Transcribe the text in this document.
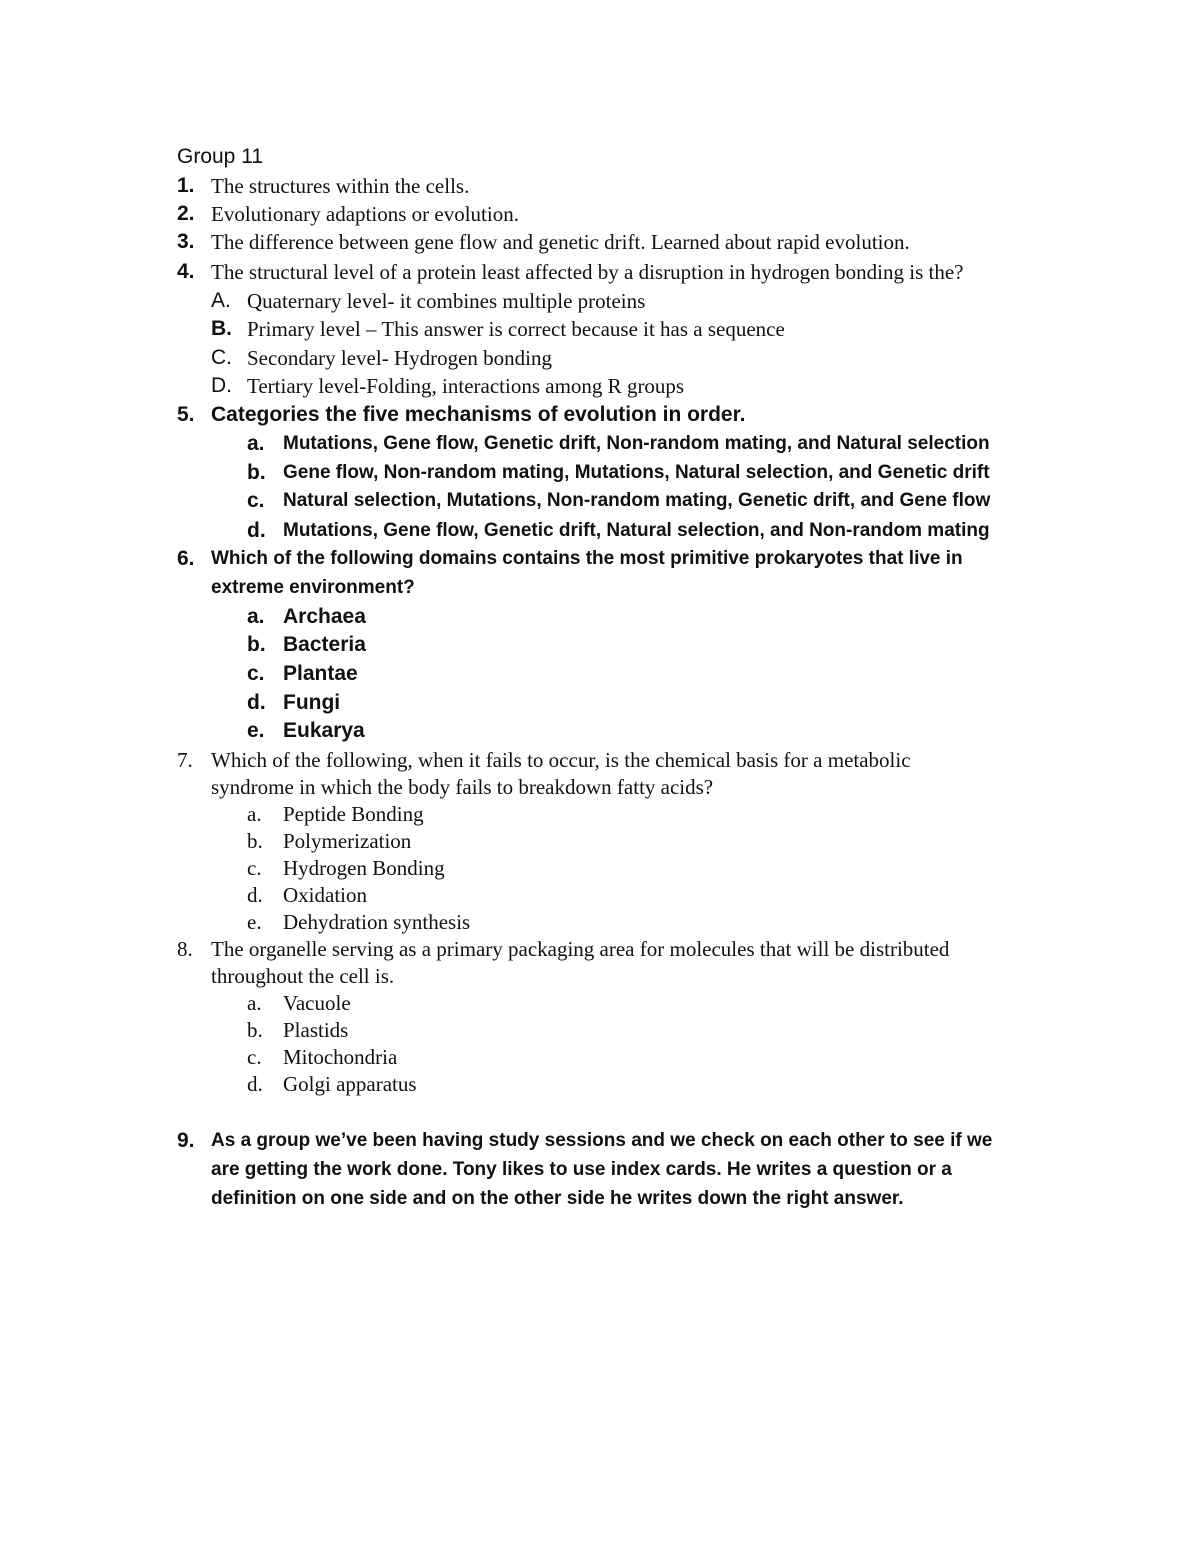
Group 11
1. The structures within the cells.
2. Evolutionary adaptions or evolution.
3. The difference between gene flow and genetic drift. Learned about rapid evolution.
4. The structural level of a protein least affected by a disruption in hydrogen bonding is the?
A. Quaternary level- it combines multiple proteins
B. Primary level – This answer is correct because it has a sequence
C. Secondary level- Hydrogen bonding
D. Tertiary level-Folding, interactions among R groups
5. Categories the five mechanisms of evolution in order.
a. Mutations, Gene flow, Genetic drift, Non-random mating, and Natural selection
b. Gene flow, Non-random mating, Mutations, Natural selection, and Genetic drift
c. Natural selection, Mutations, Non-random mating, Genetic drift, and Gene flow
d. Mutations, Gene flow, Genetic drift, Natural selection, and Non-random mating
6. Which of the following domains contains the most primitive prokaryotes that live in
extreme environment?
a. Archaea
b. Bacteria
c. Plantae
d. Fungi
e. Eukarya
7. Which of the following, when it fails to occur, is the chemical basis for a metabolic
syndrome in which the body fails to breakdown fatty acids?
a. Peptide Bonding
b. Polymerization
c. Hydrogen Bonding
d. Oxidation
e. Dehydration synthesis
8. The organelle serving as a primary packaging area for molecules that will be distributed
throughout the cell is.
a. Vacuole
b. Plastids
c. Mitochondria
d. Golgi apparatus
9. As a group we’ve been having study sessions and we check on each other to see if we
are getting the work done. Tony likes to use index cards. He writes a question or a
definition on one side and on the other side he writes down the right answer.
